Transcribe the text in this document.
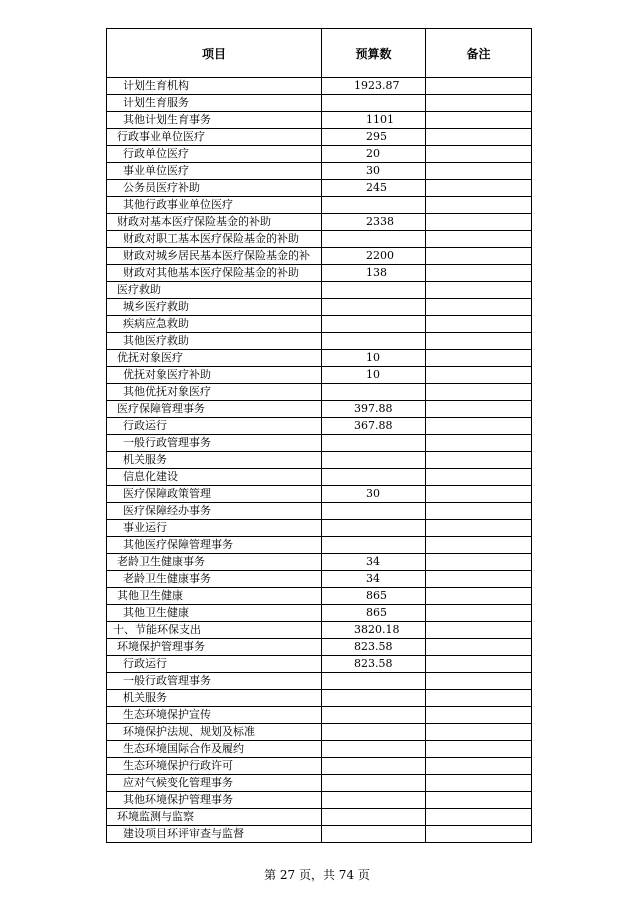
项目	预算数	备注
计划生育机构	1923.87	
计划生育服务		
其他计划生育事务	1101	
行政事业单位医疗	295	
行政单位医疗	20	
事业单位医疗	30	
公务员医疗补助	245	
其他行政事业单位医疗		
财政对基本医疗保险基金的补助	2338	
财政对职工基本医疗保险基金的补助		
财政对城乡居民基本医疗保险基金的补	2200	
财政对其他基本医疗保险基金的补助	138	
医疗救助		
城乡医疗救助		
疾病应急救助		
其他医疗救助		
优抚对象医疗	10	
优抚对象医疗补助	10	
其他优抚对象医疗		
医疗保障管理事务	397.88	
行政运行	367.88	
一般行政管理事务		
机关服务		
信息化建设		
医疗保障政策管理	30	
医疗保障经办事务		
事业运行		
其他医疗保障管理事务		
老龄卫生健康事务	34	
老龄卫生健康事务	34	
其他卫生健康	865	
其他卫生健康	865	
十、节能环保支出	3820.18	
环境保护管理事务	823.58	
行政运行	823.58	
一般行政管理事务		
机关服务		
生态环境保护宣传		
环境保护法规、规划及标准		
生态环境国际合作及履约		
生态环境保护行政许可		
应对气候变化管理事务		
其他环境保护管理事务		
环境监测与监察		
建设项目环评审查与监督		
第 27 页，共 74 页
